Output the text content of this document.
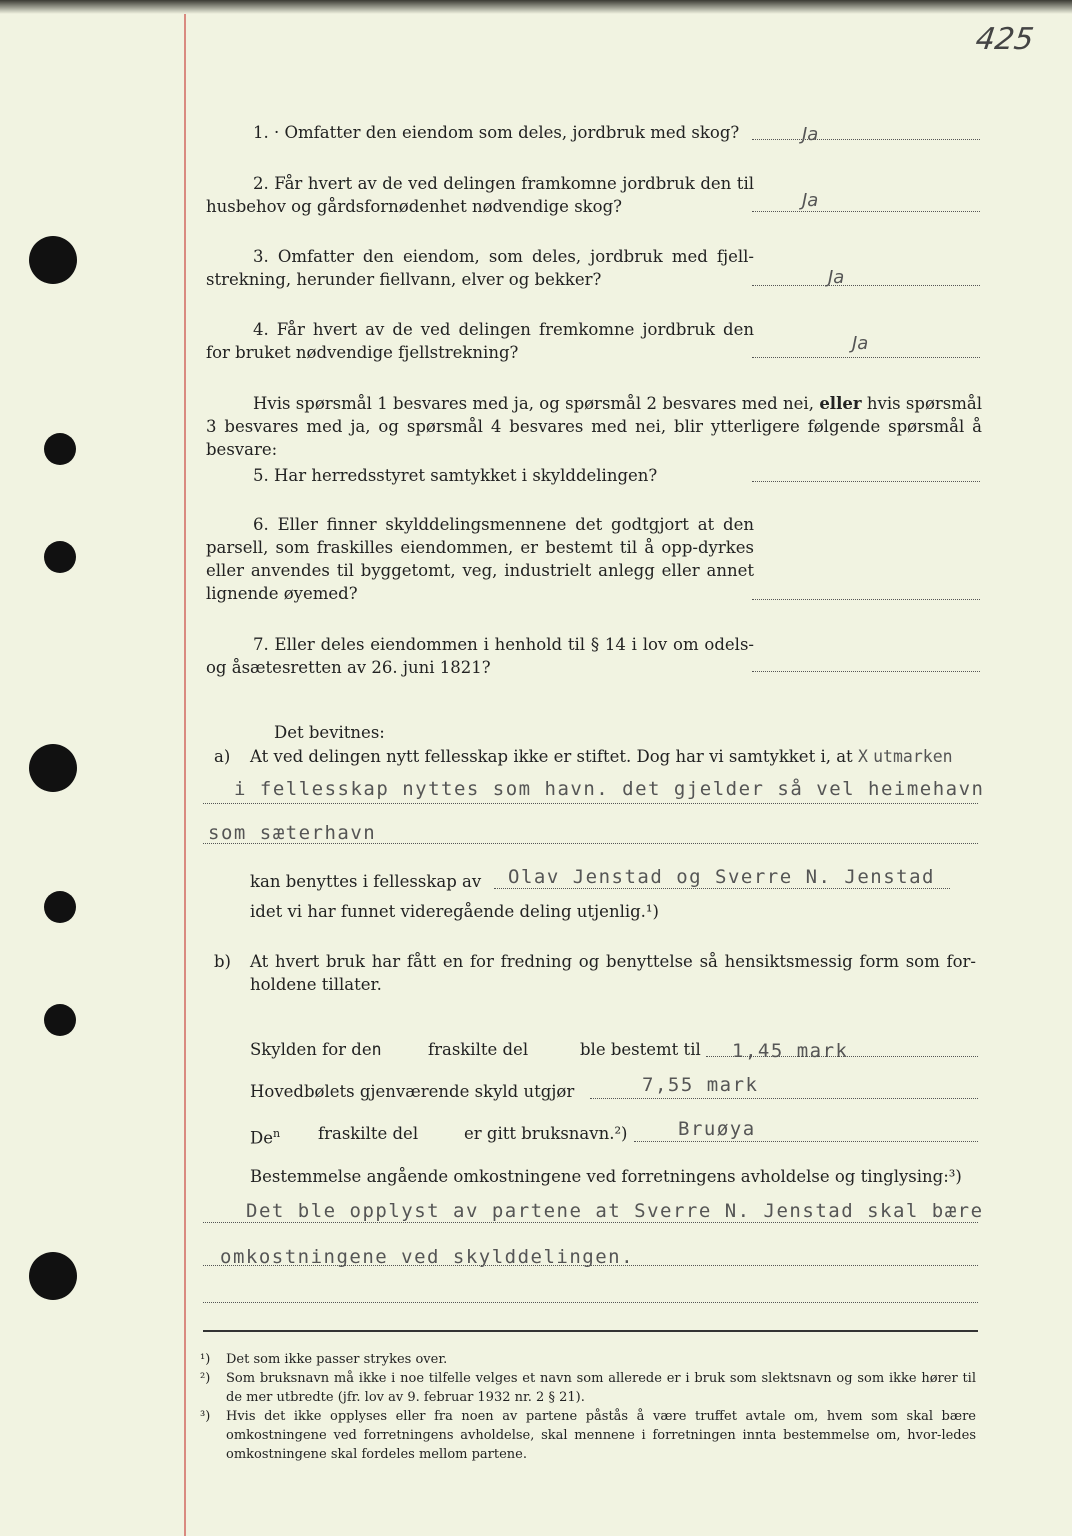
425
1. · Omfatter den eiendom som deles, jordbruk med skog?	Ja
2. Får hvert av de ved delingen framkomne jordbruk den til husbehov og gårdsfornødenhet nødvendige skog?	Ja
3. Omfatter den eiendom, som deles, jordbruk med fjell-strekning, herunder fiellvann, elver og bekker?	Ja
4. Får hvert av de ved delingen fremkomne jordbruk den for bruket nødvendige fjellstrekning?	Ja
Hvis spørsmål 1 besvares med ja, og spørsmål 2 besvares med nei, eller hvis spørsmål 3 besvares med ja, og spørsmål 4 besvares med nei, blir ytterligere følgende spørsmål å besvare:
5. Har herredsstyret samtykket i skylddelingen?
6. Eller finner skylddelingsmennene det godtgjort at den parsell, som fraskilles eiendommen, er bestemt til å opp-dyrkes eller anvendes til byggetomt, veg, industrielt anlegg eller annet lignende øyemed?
7. Eller deles eiendommen i henhold til § 14 i lov om odels- og åsætesretten av 26. juni 1821?
Det bevitnes:
a) At ved delingen nytt fellesskap ikke er stiftet. Dog har vi samtykket i, at X utmarken
i fellesskap nyttes som havn. det gjelder så vel heimehavn
som sæterhavn
kan benyttes i fellesskap av Olav Jenstad og Sverre N. Jenstad
idet vi har funnet videregående deling utjenlig.¹)
b) At hvert bruk har fått en for fredning og benyttelse så hensiktsmessig form som for-holdene tillater.
Skylden for den	fraskilte del	ble bestemt til 1,45 mark
Hovedbølets gjenværende skyld utgjør	7,55 mark
De$^n$ fraskilte del	er gitt bruksnavn.²)	Bruøya
Bestemmelse angående omkostningene ved forretningens avholdelse og tinglysing:³)
Det ble opplyst av partene at Sverre N. Jenstad skal bære
omkostningene ved skylddelingen.
¹) Det som ikke passer strykes over.
²) Som bruksnavn må ikke i noe tilfelle velges et navn som allerede er i bruk som slektsnavn og som ikke hører til de mer utbredte (jfr. lov av 9. februar 1932 nr. 2 § 21).
³) Hvis det ikke opplyses eller fra noen av partene påstås å være truffet avtale om, hvem som skal bære omkostningene ved forretningens avholdelse, skal mennene i forretningen innta bestemmelse om, hvor-ledes omkostningene skal fordeles mellom partene.
